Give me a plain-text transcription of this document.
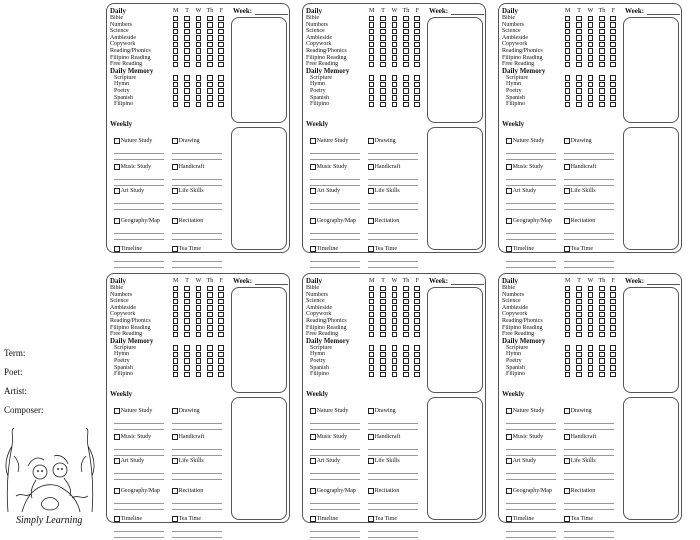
Term:
Poet:
Artist:
Composer:
Simply Learning
Daily	M	T	W Th	F
Bible
Numbers
Science
Ambleside
Copywork
Reading/Phonics
Filipino Reading
Free Reading
Daily Memory
Scripture
Hymn
Poetry
Spanish
Filipino
Weekly
Nature Study	Drawing
Music Study	Handicraft
Art Study	Life Skills
Geography/Map	Recitation
Timeline	Tea Time
Week:	Daily	M	T	W Th	F
Bible
Numbers
Science
Ambleside
Copywork
Reading/Phonics
Filipino Reading
Free Reading
Daily Memory
Scripture
Hymn
Poetry
Spanish
Filipino
Weekly
Nature Study	Drawing
Music Study	Handicraft
Art Study	Life Skills
Geography/Map	Recitation
Timeline	Tea Time
Week:	Daily	M	T	W Th	F
Bible
Numbers
Science
Ambleside
Copywork
Reading/Phonics
Filipino Reading
Free Reading
Daily Memory
Scripture
Hymn
Poetry
Spanish
Filipino
Weekly
Nature Study	Drawing
Music Study	Handicraft
Art Study	Life Skills
Geography/Map	Recitation
Timeline	Tea Time
Week:
Daily	M	T	W Th	F
Bible
Numbers
Science
Ambleside
Copywork
Reading/Phonics
Filipino Reading
Free Reading
Daily Memory
Scripture
Hymn
Poetry
Spanish
Filipino
Weekly
Nature Study	Drawing
Music Study	Handicraft
Art Study	Life Skills
Geography/Map	Recitation
Timeline	Tea Time
Week:	Daily	M	T	W Th	F
Bible
Numbers
Science
Ambleside
Copywork
Reading/Phonics
Filipino Reading
Free Reading
Daily Memory
Scripture
Hymn
Poetry
Spanish
Filipino
Weekly
Nature Study	Drawing
Music Study	Handicraft
Art Study	Life Skills
Geography/Map	Recitation
Timeline	Tea Time
Week:	Daily	M	T	W Th	F
Bible
Numbers
Science
Ambleside
Copywork
Reading/Phonics
Filipino Reading
Free Reading
Daily Memory
Scripture
Hymn
Poetry
Spanish
Filipino
Weekly
Nature Study	Drawing
Music Study	Handicraft
Art Study	Life Skills
Geography/Map	Recitation
Timeline	Tea Time
Week:
